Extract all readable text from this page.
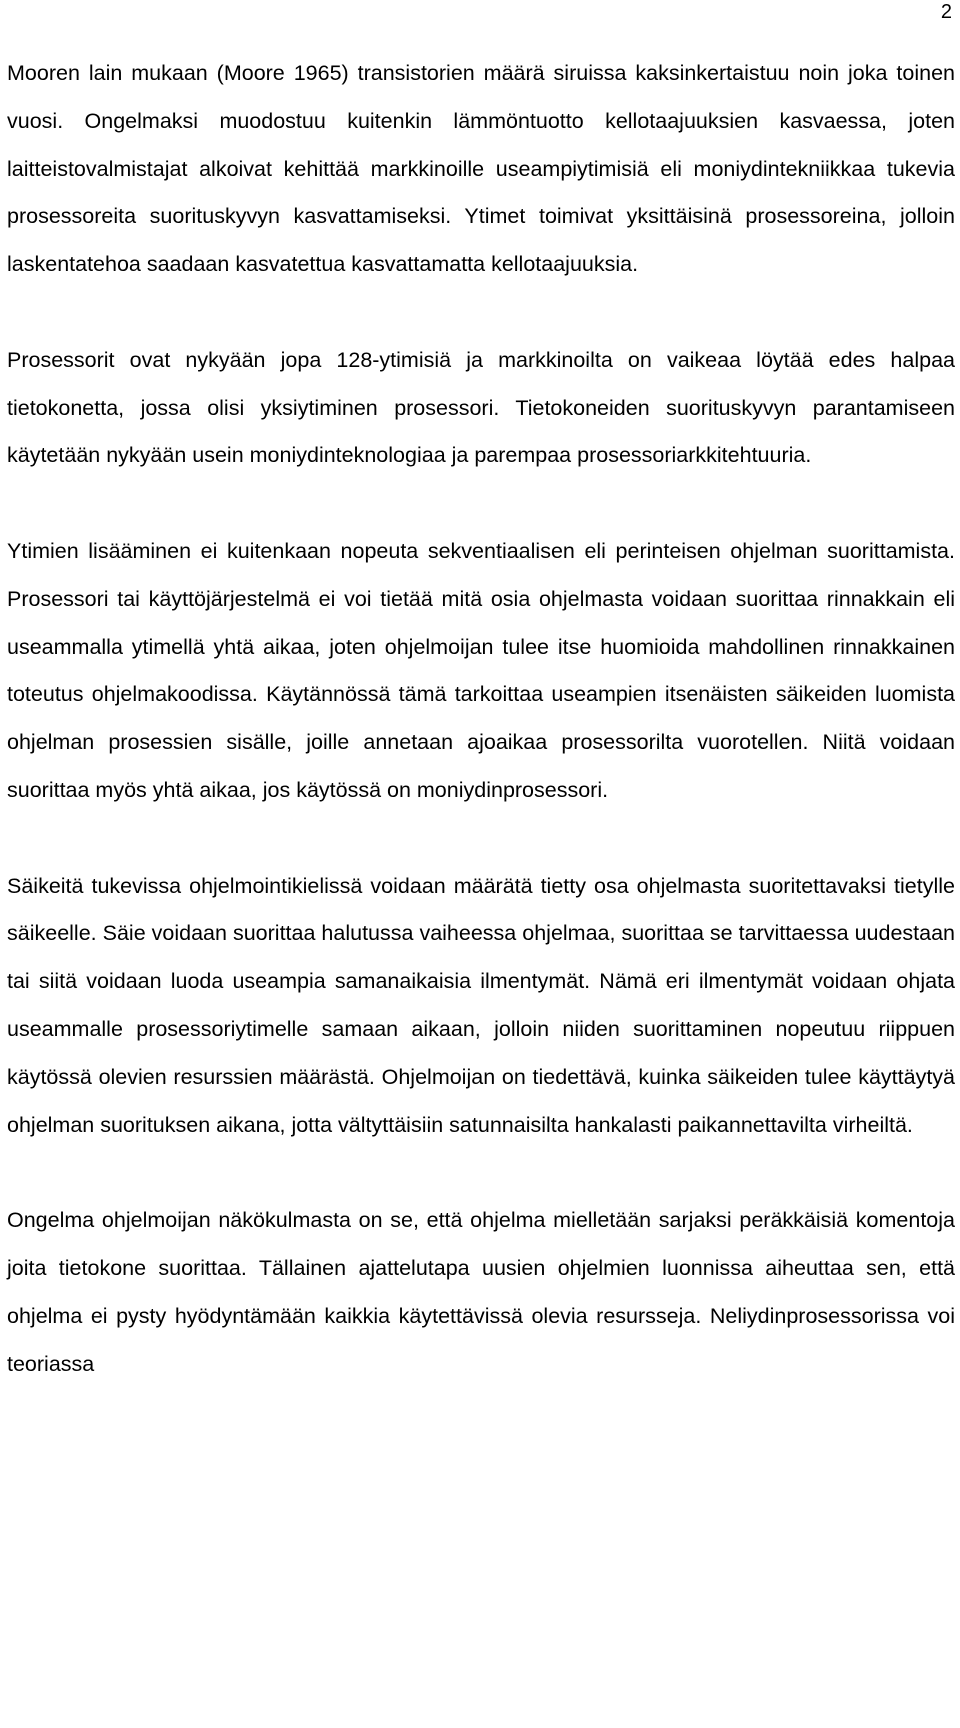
2

Mooren lain mukaan (Moore 1965) transistorien määrä siruissa kaksinkertaistuu noin joka toinen vuosi. Ongelmaksi muodostuu kuitenkin lämmöntuotto kellotaajuuksien kasvaessa, joten laitteistovalmistajat alkoivat kehittää markkinoille useampiytimisiä eli moniydintekniikkaa tukevia prosessoreita suorituskyvyn kasvattamiseksi. Ytimet toimivat yksittäisinä prosessoreina, jolloin laskentatehoa saadaan kasvatettua kasvattamatta kellotaajuuksia.

Prosessorit ovat nykyään jopa 128-ytimisiä ja markkinoilta on vaikeaa löytää edes halpaa tietokonetta, jossa olisi yksiytiminen prosessori. Tietokoneiden suorituskyvyn parantamiseen käytetään nykyään usein moniydinteknologiaa ja parempaa prosessoriarkkitehtuuria.

Ytimien lisääminen ei kuitenkaan nopeuta sekventiaalisen eli perinteisen ohjelman suorittamista. Prosessori tai käyttöjärjestelmä ei voi tietää mitä osia ohjelmasta voidaan suorittaa rinnakkain eli useammalla ytimellä yhtä aikaa, joten ohjelmoijan tulee itse huomioida mahdollinen rinnakkainen toteutus ohjelmakoodissa. Käytännössä tämä tarkoittaa useampien itsenäisten säikeiden luomista ohjelman prosessien sisälle, joille annetaan ajoaikaa prosessorilta vuorotellen. Niitä voidaan suorittaa myös yhtä aikaa, jos käytössä on moniydinprosessori.

Säikeitä tukevissa ohjelmointikielissä voidaan määrätä tietty osa ohjelmasta suoritettavaksi tietylle säikeelle. Säie voidaan suorittaa halutussa vaiheessa ohjelmaa, suorittaa se tarvittaessa uudestaan tai siitä voidaan luoda useampia samanaikaisia ilmentymät. Nämä eri ilmentymät voidaan ohjata useammalle prosessoriytimelle samaan aikaan, jolloin niiden suorittaminen nopeutuu riippuen käytössä olevien resurssien määrästä. Ohjelmoijan on tiedettävä, kuinka säikeiden tulee käyttäytyä ohjelman suorituksen aikana, jotta vältyttäisiin satunnaisilta hankalasti paikannettavilta virheiltä.

Ongelma ohjelmoijan näkökulmasta on se, että ohjelma mielletään sarjaksi peräkkäisiä komentoja joita tietokone suorittaa. Tällainen ajattelutapa uusien ohjelmien luonnissa aiheuttaa sen, että ohjelma ei pysty hyödyntämään kaikkia käytettävissä olevia resursseja. Neliydinprosessorissa voi teoriassa
